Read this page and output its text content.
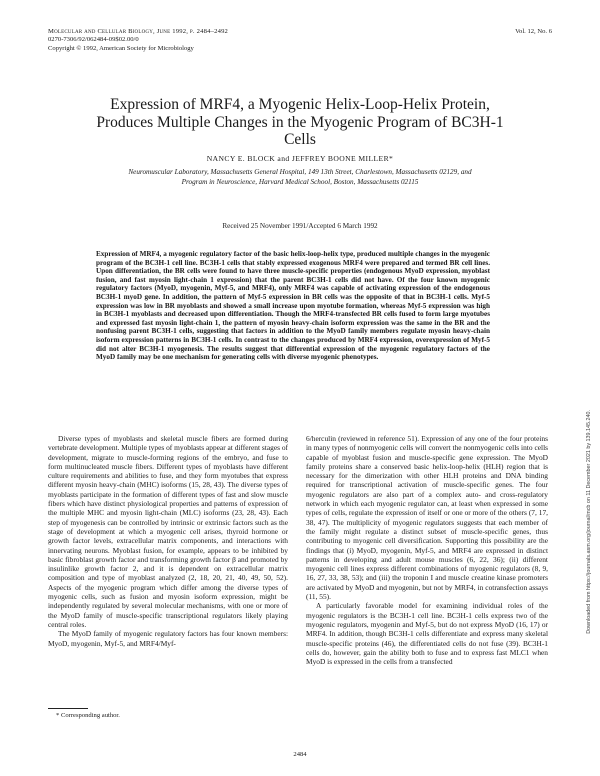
Molecular and Cellular Biology, June 1992, p. 2484–2492
0270-7306/92/062484-09$02.00/0
Copyright © 1992, American Society for Microbiology
Vol. 12, No. 6
Expression of MRF4, a Myogenic Helix-Loop-Helix Protein, Produces Multiple Changes in the Myogenic Program of BC3H-1 Cells
NANCY E. BLOCK and JEFFREY BOONE MILLER*
Neuromuscular Laboratory, Massachusetts General Hospital, 149 13th Street, Charlestown, Massachusetts 02129, and Program in Neuroscience, Harvard Medical School, Boston, Massachusetts 02115
Received 25 November 1991/Accepted 6 March 1992
Expression of MRF4, a myogenic regulatory factor of the basic helix-loop-helix type, produced multiple changes in the myogenic program of the BC3H-1 cell line. BC3H-1 cells that stably expressed exogenous MRF4 were prepared and termed BR cell lines. Upon differentiation, the BR cells were found to have three muscle-specific properties (endogenous MyoD expression, myoblast fusion, and fast myosin light-chain 1 expression) that the parent BC3H-1 cells did not have. Of the four known myogenic regulatory factors (MyoD, myogenin, Myf-5, and MRF4), only MRF4 was capable of activating expression of the endogenous BC3H-1 myoD gene. In addition, the pattern of Myf-5 expression in BR cells was the opposite of that in BC3H-1 cells. Myf-5 expression was low in BR myoblasts and showed a small increase upon myotube formation, whereas Myf-5 expression was high in BC3H-1 myoblasts and decreased upon differentiation. Though the MRF4-transfected BR cells fused to form large myotubes and expressed fast myosin light-chain 1, the pattern of myosin heavy-chain isoform expression was the same in the BR and the nonfusing parent BC3H-1 cells, suggesting that factors in addition to the MyoD family members regulate myosin heavy-chain isoform expression patterns in BC3H-1 cells. In contrast to the changes produced by MRF4 expression, overexpression of Myf-5 did not alter BC3H-1 myogenesis. The results suggest that differential expression of the myogenic regulatory factors of the MyoD family may be one mechanism for generating cells with diverse myogenic phenotypes.

Diverse types of myoblasts and skeletal muscle fibers are formed during vertebrate development. Multiple types of myoblasts appear at different stages of development, migrate to muscle-forming regions of the embryo, and fuse to form multinucleated muscle fibers. Different types of myoblasts have different culture requirements and abilities to fuse, and they form myotubes that express different myosin heavy-chain (MHC) isoforms (15, 28, 43). The diverse types of myoblasts participate in the formation of different types of fast and slow muscle fibers which have distinct physiological properties and patterns of expression of the multiple MHC and myosin light-chain (MLC) isoforms (23, 28, 43). Each step of myogenesis can be controlled by intrinsic or extrinsic factors such as the stage of development at which a myogenic cell arises, thyroid hormone or growth factor levels, extracellular matrix components, and interactions with innervating neurons. Myoblast fusion, for example, appears to be inhibited by basic fibroblast growth factor and transforming growth factor β and promoted by insulinlike growth factor 2, and it is dependent on extracellular matrix composition and type of myoblast analyzed (2, 18, 20, 21, 40, 49, 50, 52). Aspects of the myogenic program which differ among the diverse types of myogenic cells, such as fusion and myosin isoform expression, might be independently regulated by several molecular mechanisms, with one or more of the MyoD family of muscle-specific transcriptional regulators likely playing central roles.

The MyoD family of myogenic regulatory factors has four known members: MyoD, myogenin, Myf-5, and MRF4/Myf-

6/herculin (reviewed in reference 51). Expression of any one of the four proteins in many types of nonmyogenic cells will convert the nonmyogenic cells into cells capable of myoblast fusion and muscle-specific gene expression. The MyoD family proteins share a conserved basic helix-loop-helix (HLH) region that is necessary for the dimerization with other HLH proteins and DNA binding required for transcriptional activation of muscle-specific genes. The four myogenic regulators are also part of a complex auto- and cross-regulatory network in which each myogenic regulator can, at least when expressed in some types of cells, regulate the expression of itself or one or more of the others (7, 17, 38, 47). The multiplicity of myogenic regulators suggests that each member of the family might regulate a distinct subset of muscle-specific genes, thus contributing to myogenic cell diversification. Supporting this possibility are the findings that (i) MyoD, myogenin, Myf-5, and MRF4 are expressed in distinct patterns in developing and adult mouse muscles (6, 22, 36); (ii) different myogenic cell lines express different combinations of myogenic regulators (8, 9, 16, 27, 33, 38, 53); and (iii) the troponin I and muscle creatine kinase promoters are activated by MyoD and myogenin, but not by MRF4, in cotransfection assays (11, 55).

A particularly favorable model for examining individual roles of the myogenic regulators is the BC3H-1 cell line. BC3H-1 cells express two of the myogenic regulators, myogenin and Myf-5, but do not express MyoD (16, 17) or MRF4. In addition, though BC3H-1 cells differentiate and express many skeletal muscle-specific proteins (46), the differentiated cells do not fuse (39). BC3H-1 cells do, however, gain the ability both to fuse and to express fast MLC1 when MyoD is expressed in the cells from a transfected

* Corresponding author.
2484
Downloaded from https://journals.asm.org/journal/mcb on 11 December 2021 by 139.145.240.
